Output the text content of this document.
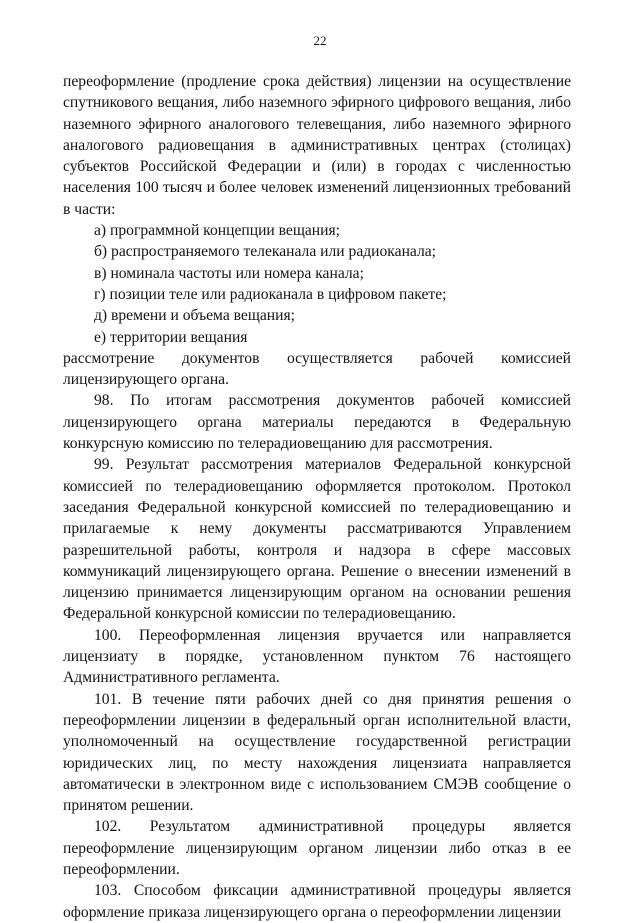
22

переоформление (продление срока действия) лицензии на осуществление спутникового вещания, либо наземного эфирного цифрового вещания, либо наземного эфирного аналогового телевещания, либо наземного эфирного аналогового радиовещания в административных центрах (столицах) субъектов Российской Федерации и (или) в городах с численностью населения 100 тысяч и более человек изменений лицензионных требований в части:

а) программной концепции вещания;

б) распространяемого телеканала или радиоканала;

в) номинала частоты или номера канала;

г) позиции теле или радиоканала в цифровом пакете;

д) времени и объема вещания;

е) территории вещания

рассмотрение документов осуществляется рабочей комиссией

лицензирующего органа.

98. По итогам рассмотрения документов рабочей комиссией лицензирующего органа материалы передаются в Федеральную конкурсную комиссию по телерадиовещанию для рассмотрения.

99. Результат рассмотрения материалов Федеральной конкурсной комиссией по телерадиовещанию оформляется протоколом. Протокол заседания Федеральной конкурсной комиссией по телерадиовещанию и прилагаемые к нему документы рассматриваются Управлением разрешительной работы, контроля и надзора в сфере массовых коммуникаций лицензирующего органа. Решение о внесении изменений в лицензию принимается лицензирующим органом на основании решения Федеральной конкурсной комиссии по телерадиовещанию.

100. Переоформленная лицензия вручается или направляется лицензиату в порядке, установленном пунктом 76 настоящего Административного регламента.

101. В течение пяти рабочих дней со дня принятия решения о переоформлении лицензии в федеральный орган исполнительной власти, уполномоченный на осуществление государственной регистрации юридических лиц, по месту нахождения лицензиата направляется автоматически в электронном виде с использованием СМЭВ сообщение о принятом решении.

102. Результатом административной процедуры является переоформление лицензирующим органом лицензии либо отказ в ее переоформлении.

103. Способом фиксации административной процедуры является оформление приказа лицензирующего органа о переоформлении лицензии
